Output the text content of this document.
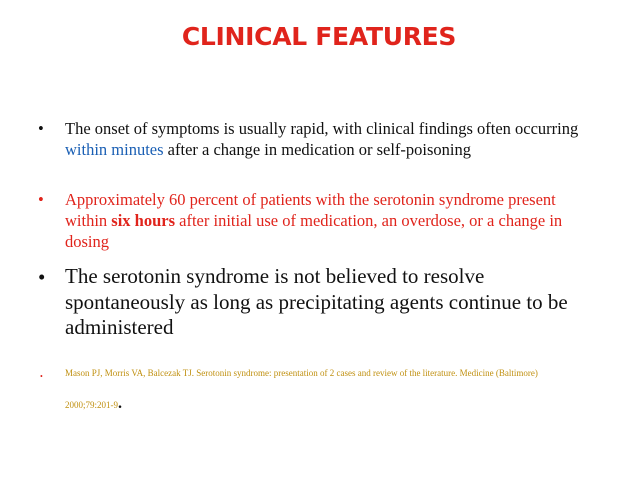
CLINICAL FEATURES
• The onset of symptoms is usually rapid, with clinical findings often occurring within minutes after a change in medication or self-poisoning
• Approximately 60 percent of patients with the serotonin syndrome present within six hours after initial use of medication, an overdose, or a change in dosing
• The serotonin syndrome is not believed to resolve spontaneously as long as precipitating agents continue to be administered
• Mason PJ, Morris VA, Balcezak TJ. Serotonin syndrome: presentation of 2 cases and review of the literature. Medicine (Baltimore)
2000;79:201-9.
